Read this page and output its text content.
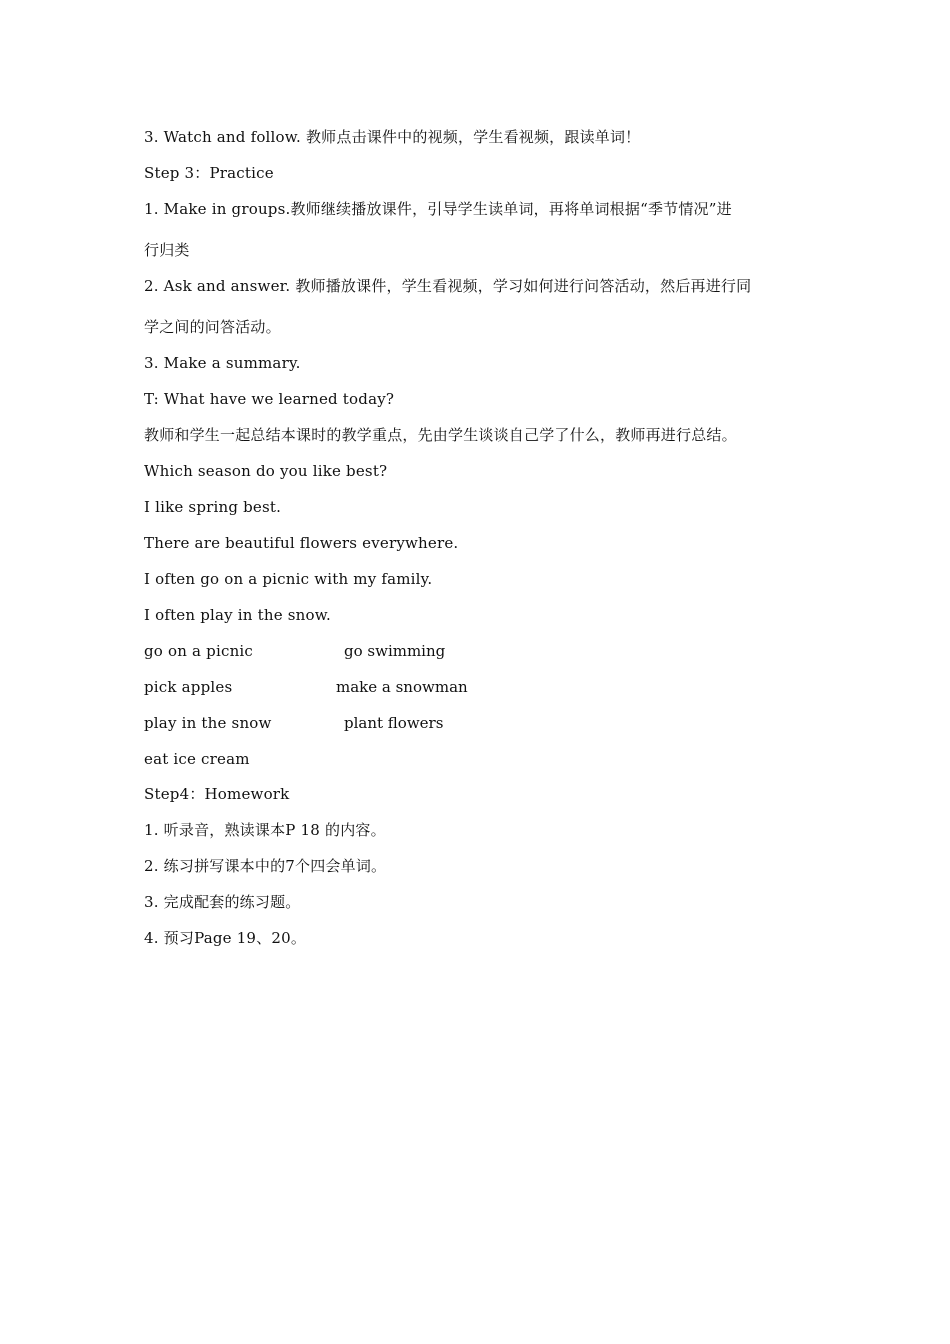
3. Watch and follow. 教师点击课件中的视频，学生看视频，跟读单词！
Step 3：Practice
1. Make in groups.教师继续播放课件，引导学生读单词，再将单词根据“季节情况”进
行归类
2. Ask and answer. 教师播放课件，学生看视频，学习如何进行问答活动，然后再进行同
学之间的问答活动。
3. Make a summary.
T: What have we learned today?
教师和学生一起总结本课时的教学重点，先由学生谈谈自己学了什么，教师再进行总结。
Which season do you like best?
I like spring best.
There are beautiful flowers everywhere.
I often go on a picnic with my family.
I often play in the snow.
go on a picnic	go swimming
pick apples	make a snowman
play in the snow	plant flowers
eat ice cream
Step4：Homework
1. 听录音，熟读课本P 18 的内容。
2. 练习拼写课本中的7个四会单词。
3. 完成配套的练习题。
4. 预习Page 19、20。
